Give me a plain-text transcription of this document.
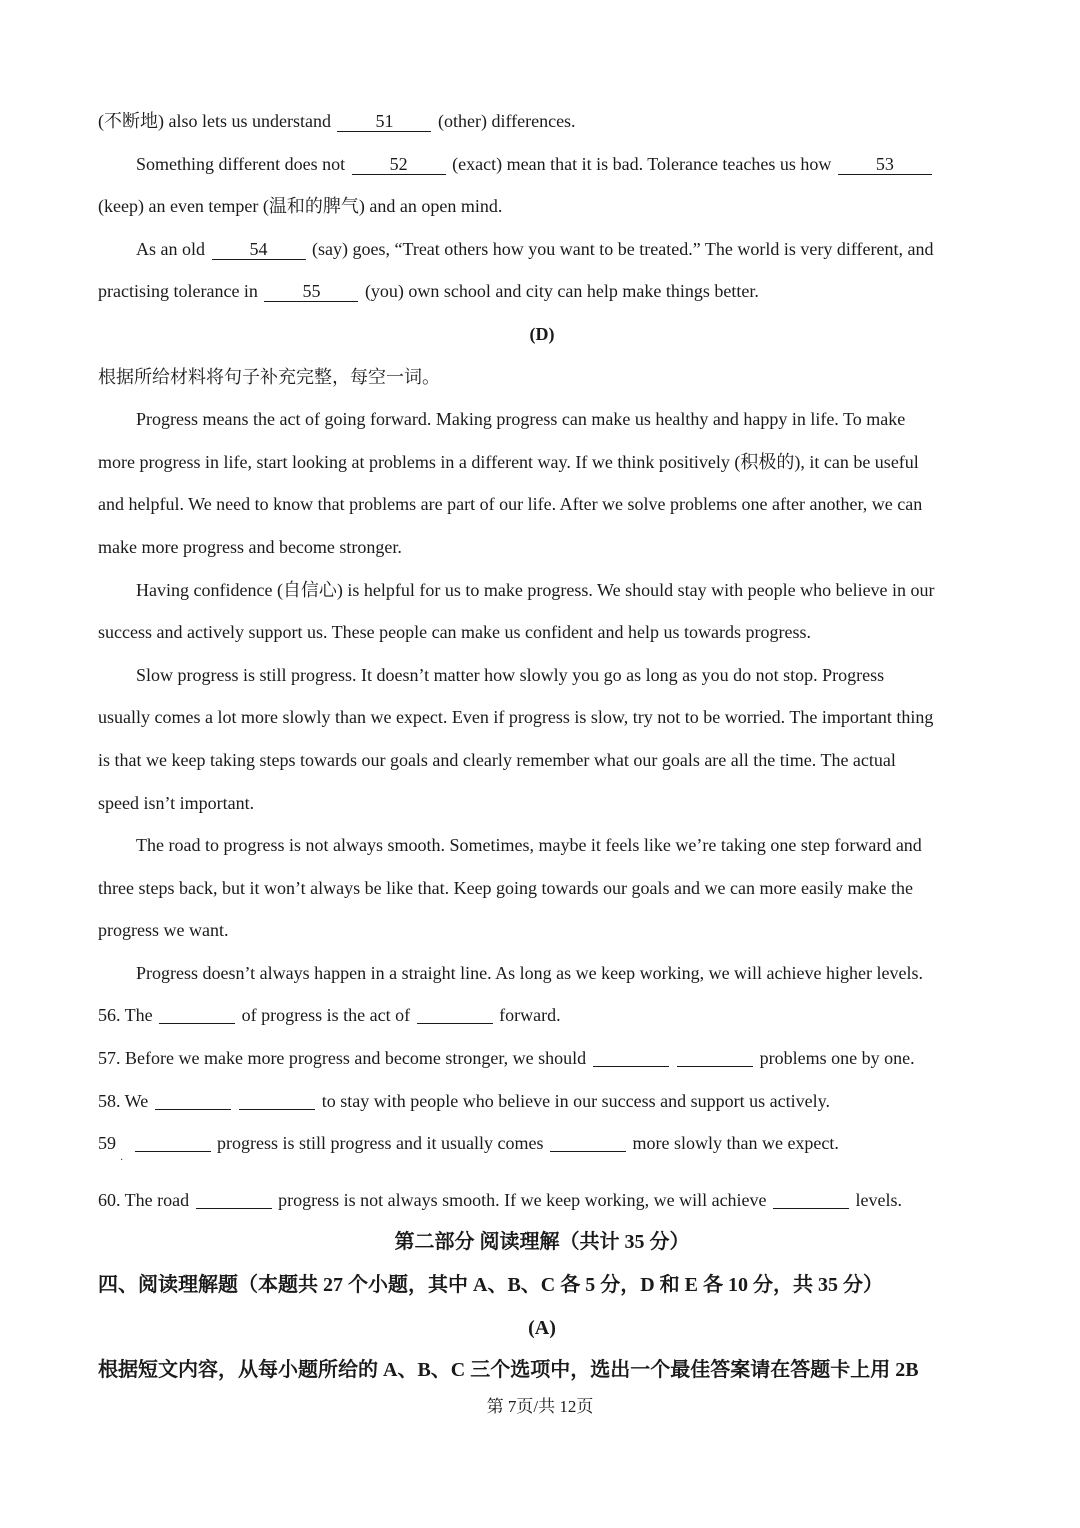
(不断地) also lets us understand 51 (other) differences.
Something different does not 52 (exact) mean that it is bad. Tolerance teaches us how 53
(keep) an even temper (温和的脾气) and an open mind.
As an old 54 (say) goes, “Treat others how you want to be treated.” The world is very different, and
practising tolerance in 55 (you) own school and city can help make things better.
(D)
根据所给材料将句子补充完整，每空一词。
Progress means the act of going forward. Making progress can make us healthy and happy in life. To make
more progress in life, start looking at problems in a different way. If we think positively (积极的), it can be useful
and helpful. We need to know that problems are part of our life. After we solve problems one after another, we can
make more progress and become stronger.
Having confidence (自信心) is helpful for us to make progress. We should stay with people who believe in our
success and actively support us. These people can make us confident and help us towards progress.
Slow progress is still progress. It doesn’t matter how slowly you go as long as you do not stop. Progress
usually comes a lot more slowly than we expect. Even if progress is slow, try not to be worried. The important thing
is that we keep taking steps towards our goals and clearly remember what our goals are all the time. The actual
speed isn’t important.
The road to progress is not always smooth. Sometimes, maybe it feels like we’re taking one step forward and
three steps back, but it won’t always be like that. Keep going towards our goals and we can more easily make the
progress we want.
Progress doesn’t always happen in a straight line. As long as we keep working, we will achieve higher levels.
56. The	of progress is the act of	forward.
57. Before we make more progress and become stronger, we should	problems one by one.
58. We	to stay with people who believe in our success and support us actively.
59	progress is still progress and it usually comes	more slowly than we expect.
60. The road	progress is not always smooth. If we keep working, we will achieve	levels.
第二部分 阅读理解（共计 35 分）
四、阅读理解题（本题共 27 个小题，其中 A、B、C 各 5 分，D 和 E 各 10 分，共 35 分）
(A)
根据短文内容，从每小题所给的 A、B、C 三个选项中，选出一个最佳答案请在答题卡上用 2B
·
第 7页/共 12页
